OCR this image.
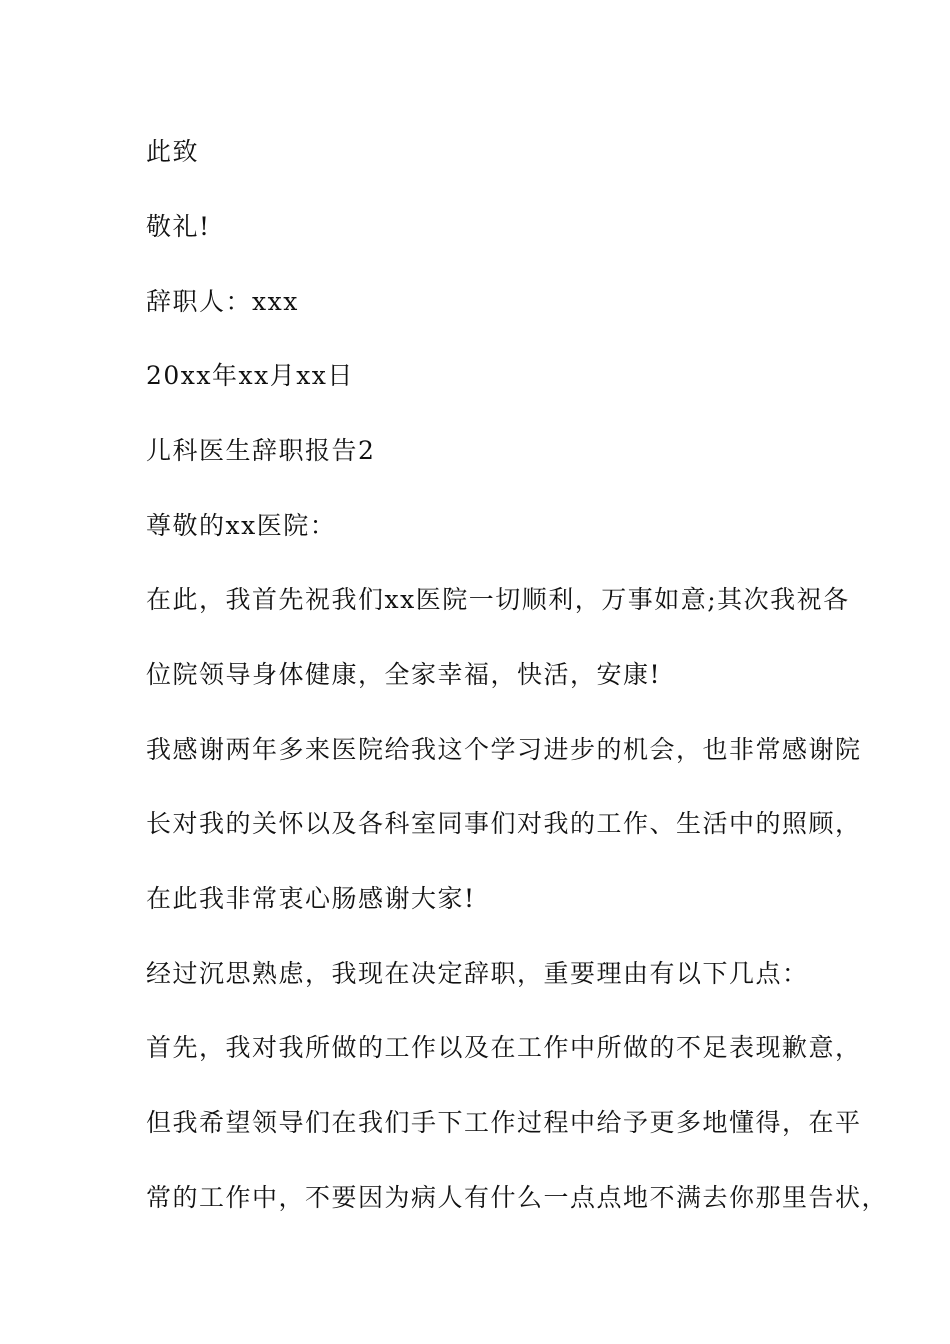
此致

敬礼!

辞职人：xxx

20xx年xx月xx日

儿科医生辞职报告2

尊敬的xx医院：

在此，我首先祝我们xx医院一切顺利，万事如意;其次我祝各

位院领导身体健康，全家幸福，快活，安康!

我感谢两年多来医院给我这个学习进步的机会，也非常感谢院

长对我的关怀以及各科室同事们对我的工作、生活中的照顾，

在此我非常衷心肠感谢大家!

经过沉思熟虑，我现在决定辞职，重要理由有以下几点：

首先，我对我所做的工作以及在工作中所做的不足表现歉意，

但我希望领导们在我们手下工作过程中给予更多地懂得，在平

常的工作中，不要因为病人有什么一点点地不满去你那里告状，
